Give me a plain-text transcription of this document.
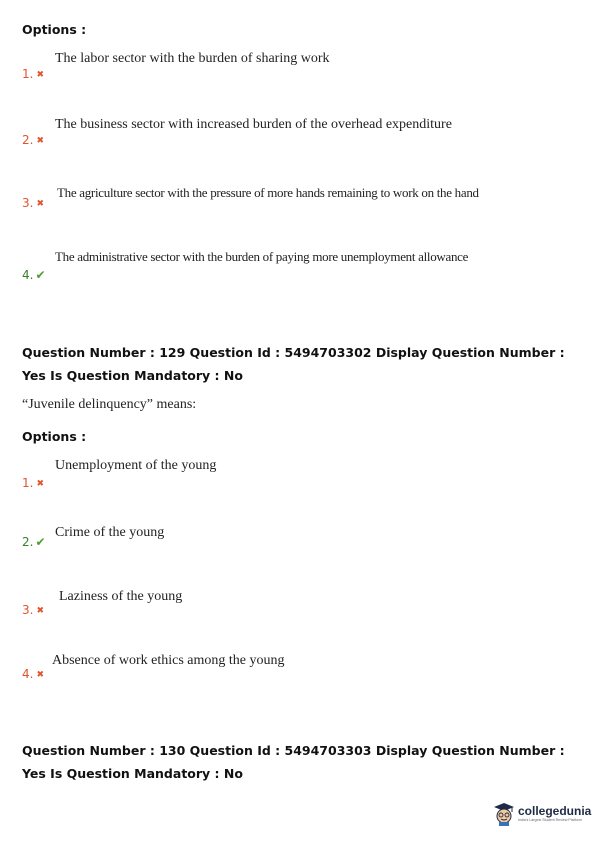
Options :
The labor sector with the burden of sharing work
1. ✖
The business sector with increased burden of the overhead expenditure
2. ✖
The agriculture sector with the pressure of more hands remaining to work on the hand
3. ✖
The administrative sector with the burden of paying more unemployment allowance
4. ✔
Question Number : 129 Question Id : 5494703302 Display Question Number : Yes Is Question Mandatory : No
“Juvenile delinquency” means:
Options :
Unemployment of the young
1. ✖
Crime of the young
2. ✔
Laziness of the young
3. ✖
Absence of work ethics among the young
4. ✖
Question Number : 130 Question Id : 5494703303 Display Question Number : Yes Is Question Mandatory : No
collegedunia
India's Largest Student Review Platform
